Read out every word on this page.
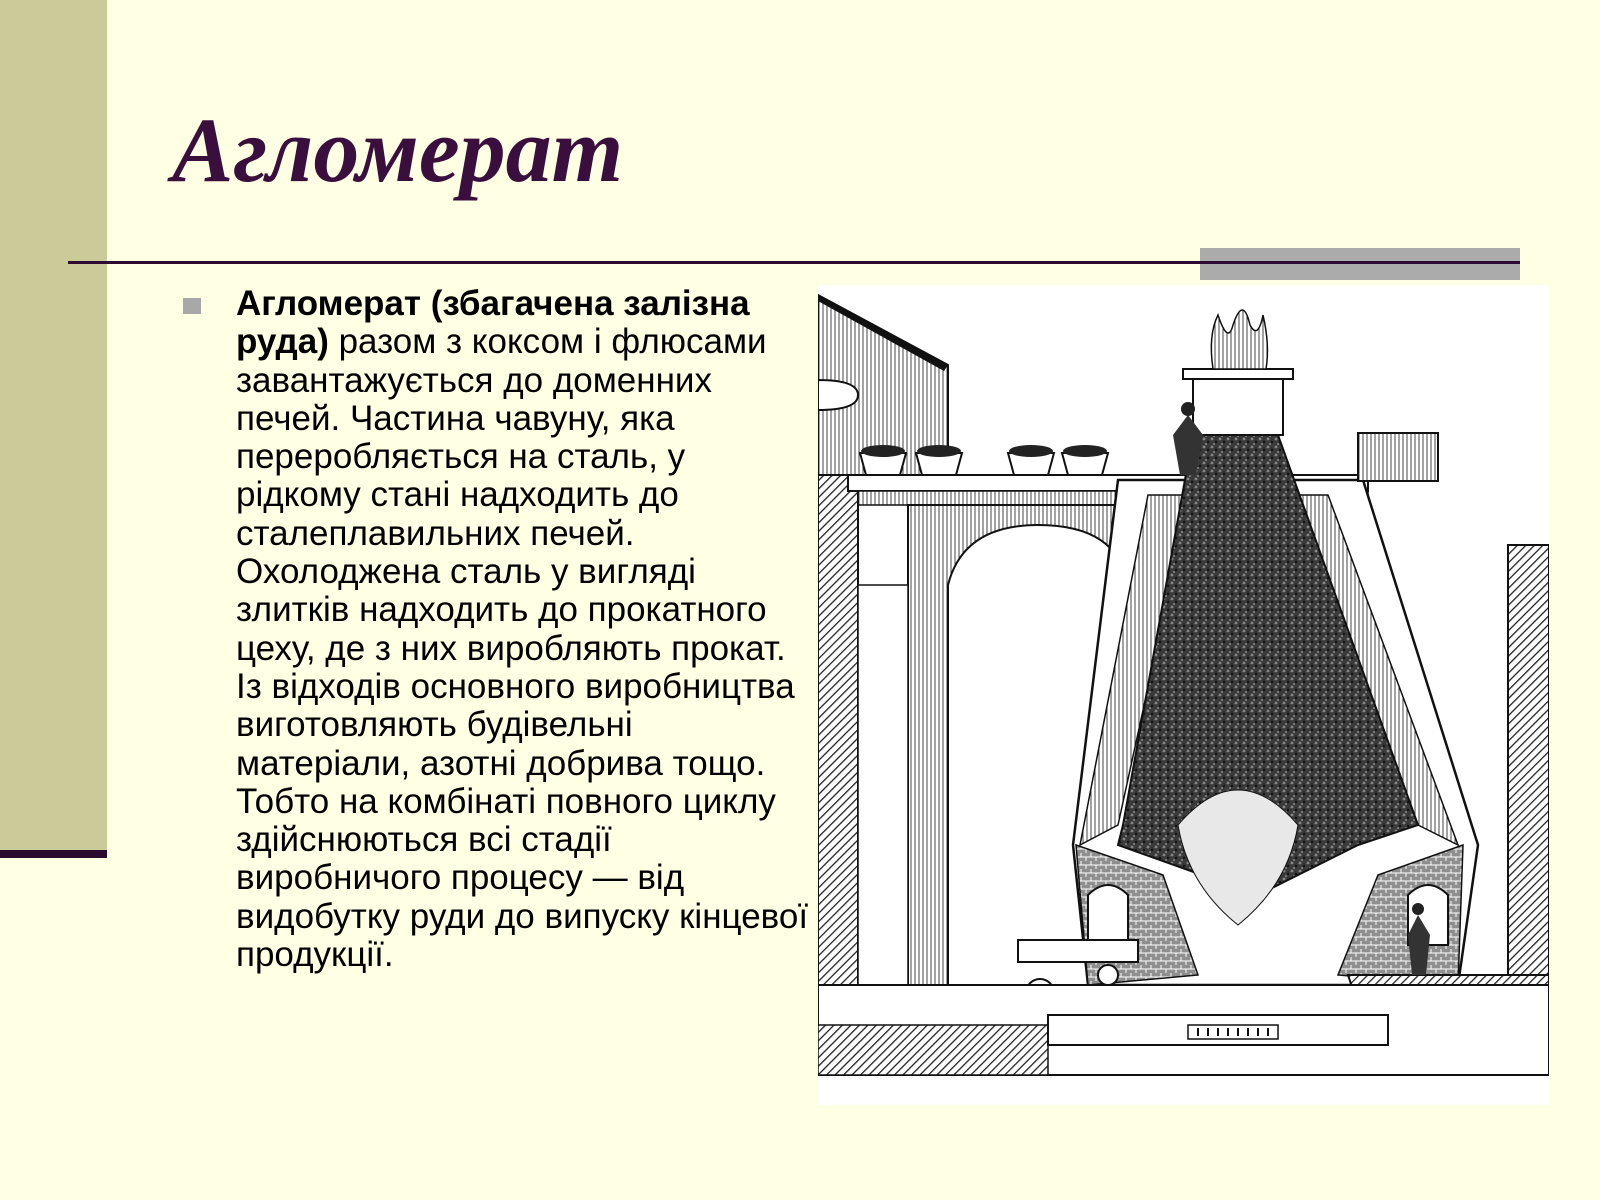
Агломерат

Агломерат (збагачена залізна руда) разом з коксом і флюсами завантажується до доменних печей. Частина чавуну, яка переробляється на сталь, у рідкому стані надходить до сталеплавильних печей. Охолоджена сталь у вигляді злитків надходить до прокатного цеху, де з них виробляють прокат. Із відходів основного виробництва виготовляють будівельні матеріали, азотні добрива тощо. Тобто на комбінаті повного циклу здійснюються всі стадії виробничого процесу — від видобутку руди до випуску кінцевої продукції.
